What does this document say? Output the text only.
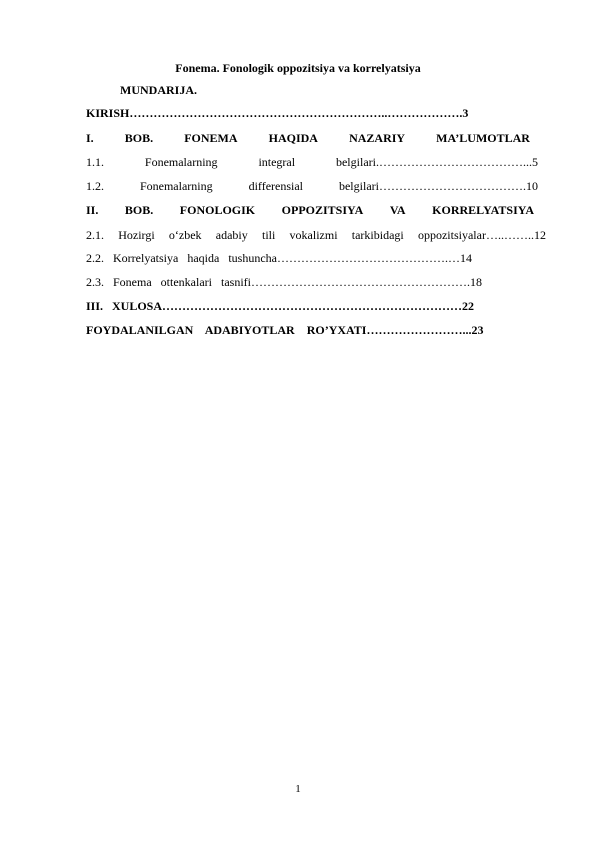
Fonema. Fonologik oppozitsiya va korrelyatsiya
MUNDARIJA.
KIRISH………………………………………………………..……………….3
I.	BOB.	FONEMA	HAQIDA	NAZARIY	MA’LUMOTLAR
1.1.	Fonemalarning	integral	belgilari.………………………………...5
1.2.	Fonemalarning	differensial	belgilari……………………………….10
II. BOB. FONOLOGIK OPPOZITSIYA VA KORRELYATSIYA
2.1. Hozirgi o‘zbek adabiy tili vokalizmi tarkibidagi oppozitsiyalar…..……..12
2.2. Korrelyatsiya haqida tushuncha…………………………………….…14
2.3. Fonema ottenkalari tasnifi……………………………………………….18
III. XULOSA…………………………………………………………………22
FOYDALANILGAN ADABIYOTLAR RO’YXATI……………………...23
1
